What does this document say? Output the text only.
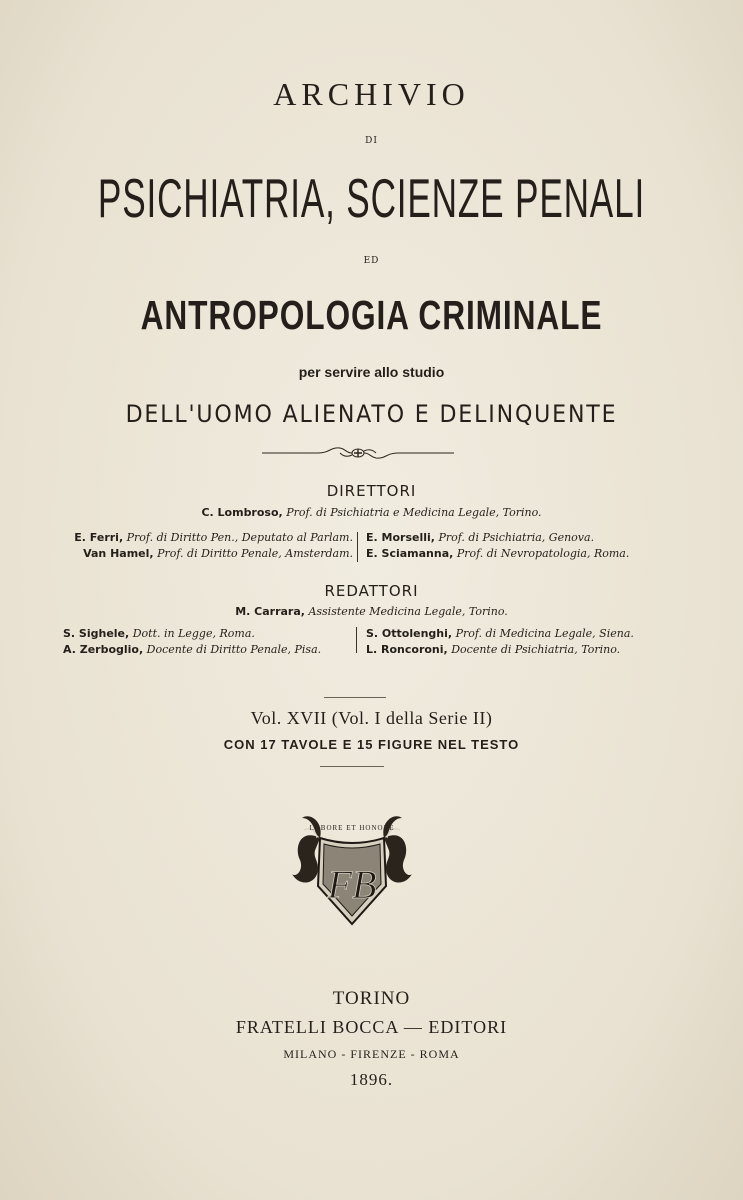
ARCHIVIO
DI
PSICHIATRIA, SCIENZE PENALI
ED
ANTROPOLOGIA CRIMINALE
per servire allo studio
DELL'UOMO ALIENATO E DELINQUENTE
DIRETTORI
C. Lombroso, Prof. di Psichiatria e Medicina Legale, Torino.
E. Ferri, Prof. di Diritto Pen., Deputato al Parlam.
Van Hamel, Prof. di Diritto Penale, Amsterdam.
E. Morselli, Prof. di Psichiatria, Genova.
E. Sciamanna, Prof. di Nevropatologia, Roma.
REDATTORI
M. Carrara, Assistente Medicina Legale, Torino.
S. Sighele, Dott. in Legge, Roma.
A. Zerboglio, Docente di Diritto Penale, Pisa.
S. Ottolenghi, Prof. di Medicina Legale, Siena.
L. Roncoroni, Docente di Psichiatria, Torino.
Vol. XVII (Vol. I della Serie II)
CON 17 TAVOLE E 15 FIGURE NEL TESTO
FB
LABORE ET HONORE
TORINO
FRATELLI BOCCA — EDITORI
MILANO - FIRENZE - ROMA
1896.
